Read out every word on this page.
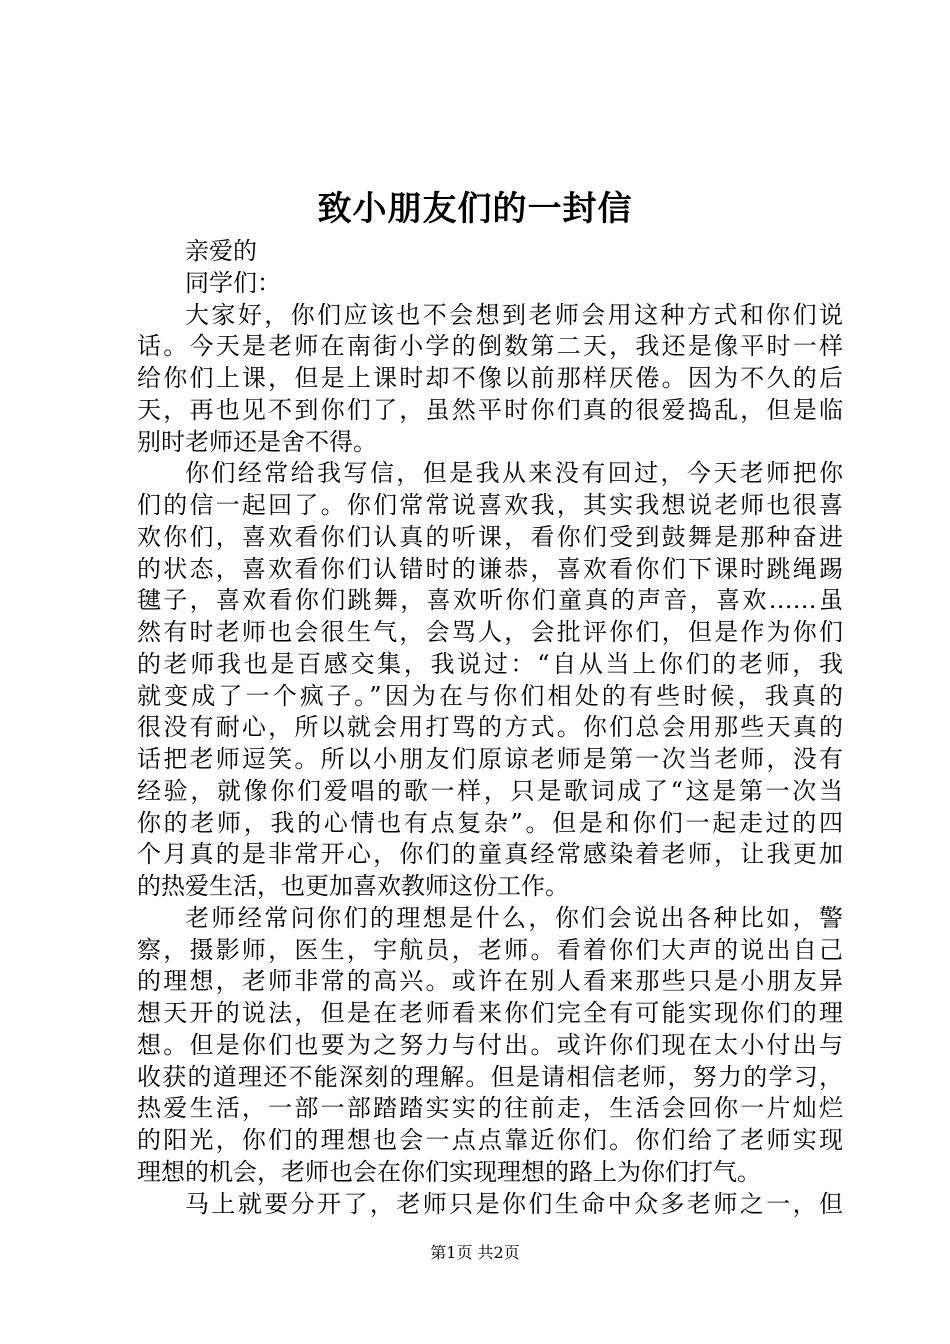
致小朋友们的一封信
亲爱的
同学们：
大家好，你们应该也不会想到老师会用这种方式和你们说
话。今天是老师在南街小学的倒数第二天，我还是像平时一样
给你们上课，但是上课时却不像以前那样厌倦。因为不久的后
天，再也见不到你们了，虽然平时你们真的很爱捣乱，但是临
别时老师还是舍不得。
你们经常给我写信，但是我从来没有回过，今天老师把你
们的信一起回了。你们常常说喜欢我，其实我想说老师也很喜
欢你们，喜欢看你们认真的听课，看你们受到鼓舞是那种奋进
的状态，喜欢看你们认错时的谦恭，喜欢看你们下课时跳绳踢
毽子，喜欢看你们跳舞，喜欢听你们童真的声音，喜欢……虽
然有时老师也会很生气，会骂人，会批评你们，但是作为你们
的老师我也是百感交集，我说过：“自从当上你们的老师，我
就变成了一个疯子。”因为在与你们相处的有些时候，我真的
很没有耐心，所以就会用打骂的方式。你们总会用那些天真的
话把老师逗笑。所以小朋友们原谅老师是第一次当老师，没有
经验，就像你们爱唱的歌一样，只是歌词成了“这是第一次当
你的老师，我的心情也有点复杂”。但是和你们一起走过的四
个月真的是非常开心，你们的童真经常感染着老师，让我更加
的热爱生活，也更加喜欢教师这份工作。
老师经常问你们的理想是什么，你们会说出各种比如，警
察，摄影师，医生，宇航员，老师。看着你们大声的说出自己
的理想，老师非常的高兴。或许在别人看来那些只是小朋友异
想天开的说法，但是在老师看来你们完全有可能实现你们的理
想。但是你们也要为之努力与付出。或许你们现在太小付出与
收获的道理还不能深刻的理解。但是请相信老师，努力的学习，
热爱生活，一部一部踏踏实实的往前走，生活会回你一片灿烂
的阳光，你们的理想也会一点点靠近你们。你们给了老师实现
理想的机会，老师也会在你们实现理想的路上为你们打气。
马上就要分开了，老师只是你们生命中众多老师之一，但
第1页 共2页
